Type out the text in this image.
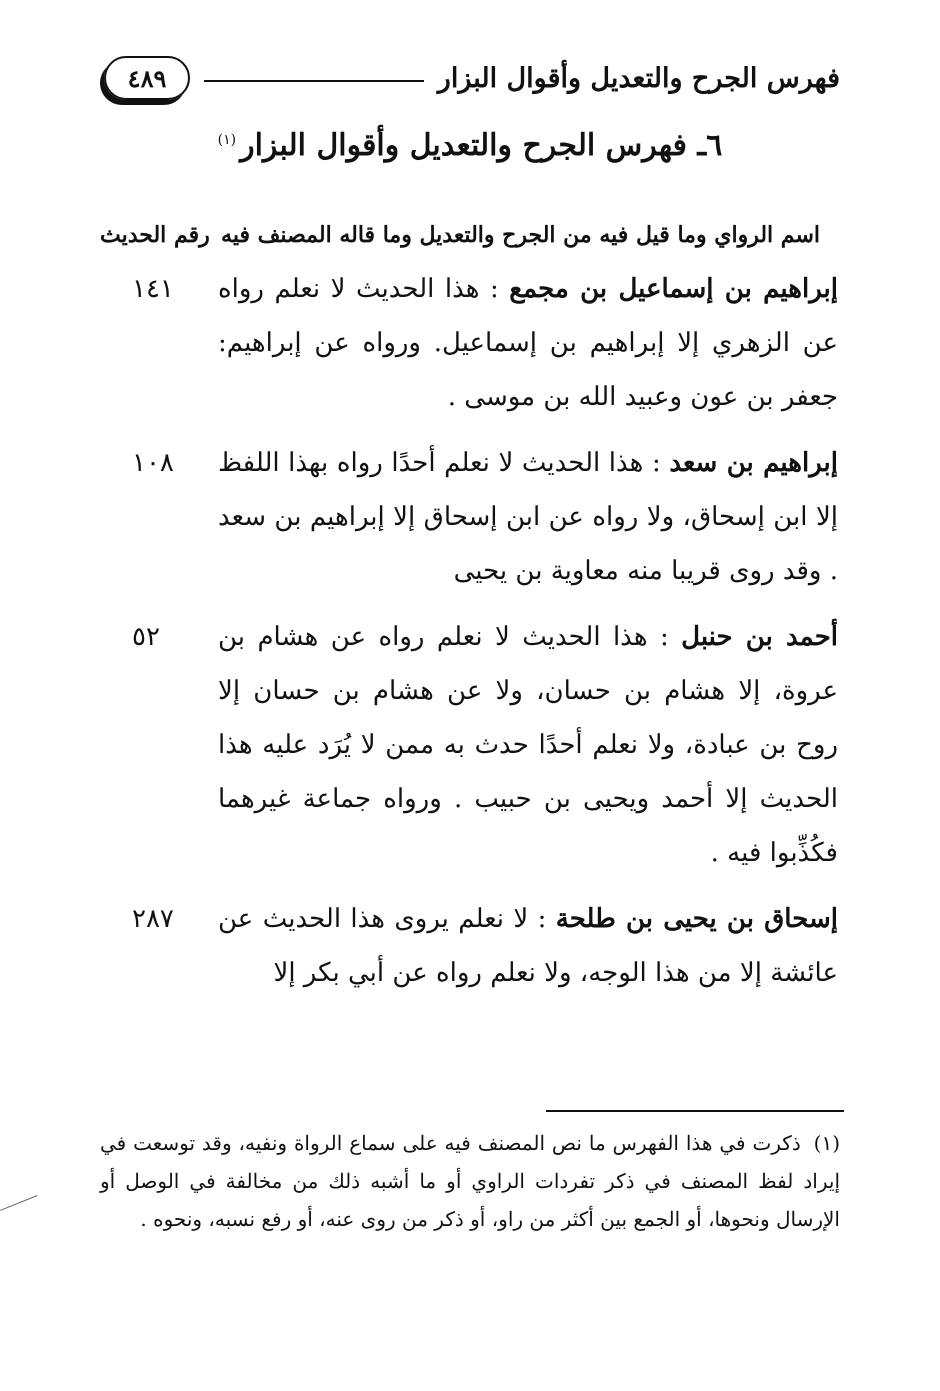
فهرس الجرح والتعديل وأقوال البزار
٤٨٩
٦ـ فهرس الجرح والتعديل وأقوال البزار$^{(١)}$
اسم الرواي وما قيل فيه من الجرح والتعديل وما قاله المصنف فيه
رقم الحديث
إبراهيم بن إسماعيل بن مجمع : هذا الحديث لا نعلم رواه عن الزهري إلا إبراهيم بن إسماعيل. ورواه عن إبراهيم: جعفر بن عون وعبيد الله بن موسى .
١٤١
إبراهيم بن سعد : هذا الحديث لا نعلم أحدًا رواه بهذا اللفظ إلا ابن إسحاق، ولا رواه عن ابن إسحاق إلا إبراهيم بن سعد . وقد روى قريبا منه معاوية بن يحيى
١٠٨
أحمد بن حنبل : هذا الحديث لا نعلم رواه عن هشام بن عروة، إلا هشام بن حسان، ولا عن هشام بن حسان إلا روح بن عبادة، ولا نعلم أحدًا حدث به ممن لا يُرَد عليه هذا الحديث إلا أحمد ويحيى بن حبيب . ورواه جماعة غيرهما فكُذِّبوا فيه .
٥٢
إسحاق بن يحيى بن طلحة : لا نعلم يروى هذا الحديث عن عائشة إلا من هذا الوجه، ولا نعلم رواه عن أبي بكر إلا
٢٨٧
(١) ذكرت في هذا الفهرس ما نص المصنف فيه على سماع الرواة ونفيه، وقد توسعت في إيراد لفظ المصنف في ذكر تفردات الراوي أو ما أشبه ذلك من مخالفة في الوصل أو الإرسال ونحوها، أو الجمع بين أكثر من راو، أو ذكر من روى عنه، أو رفع نسبه، ونحوه .
